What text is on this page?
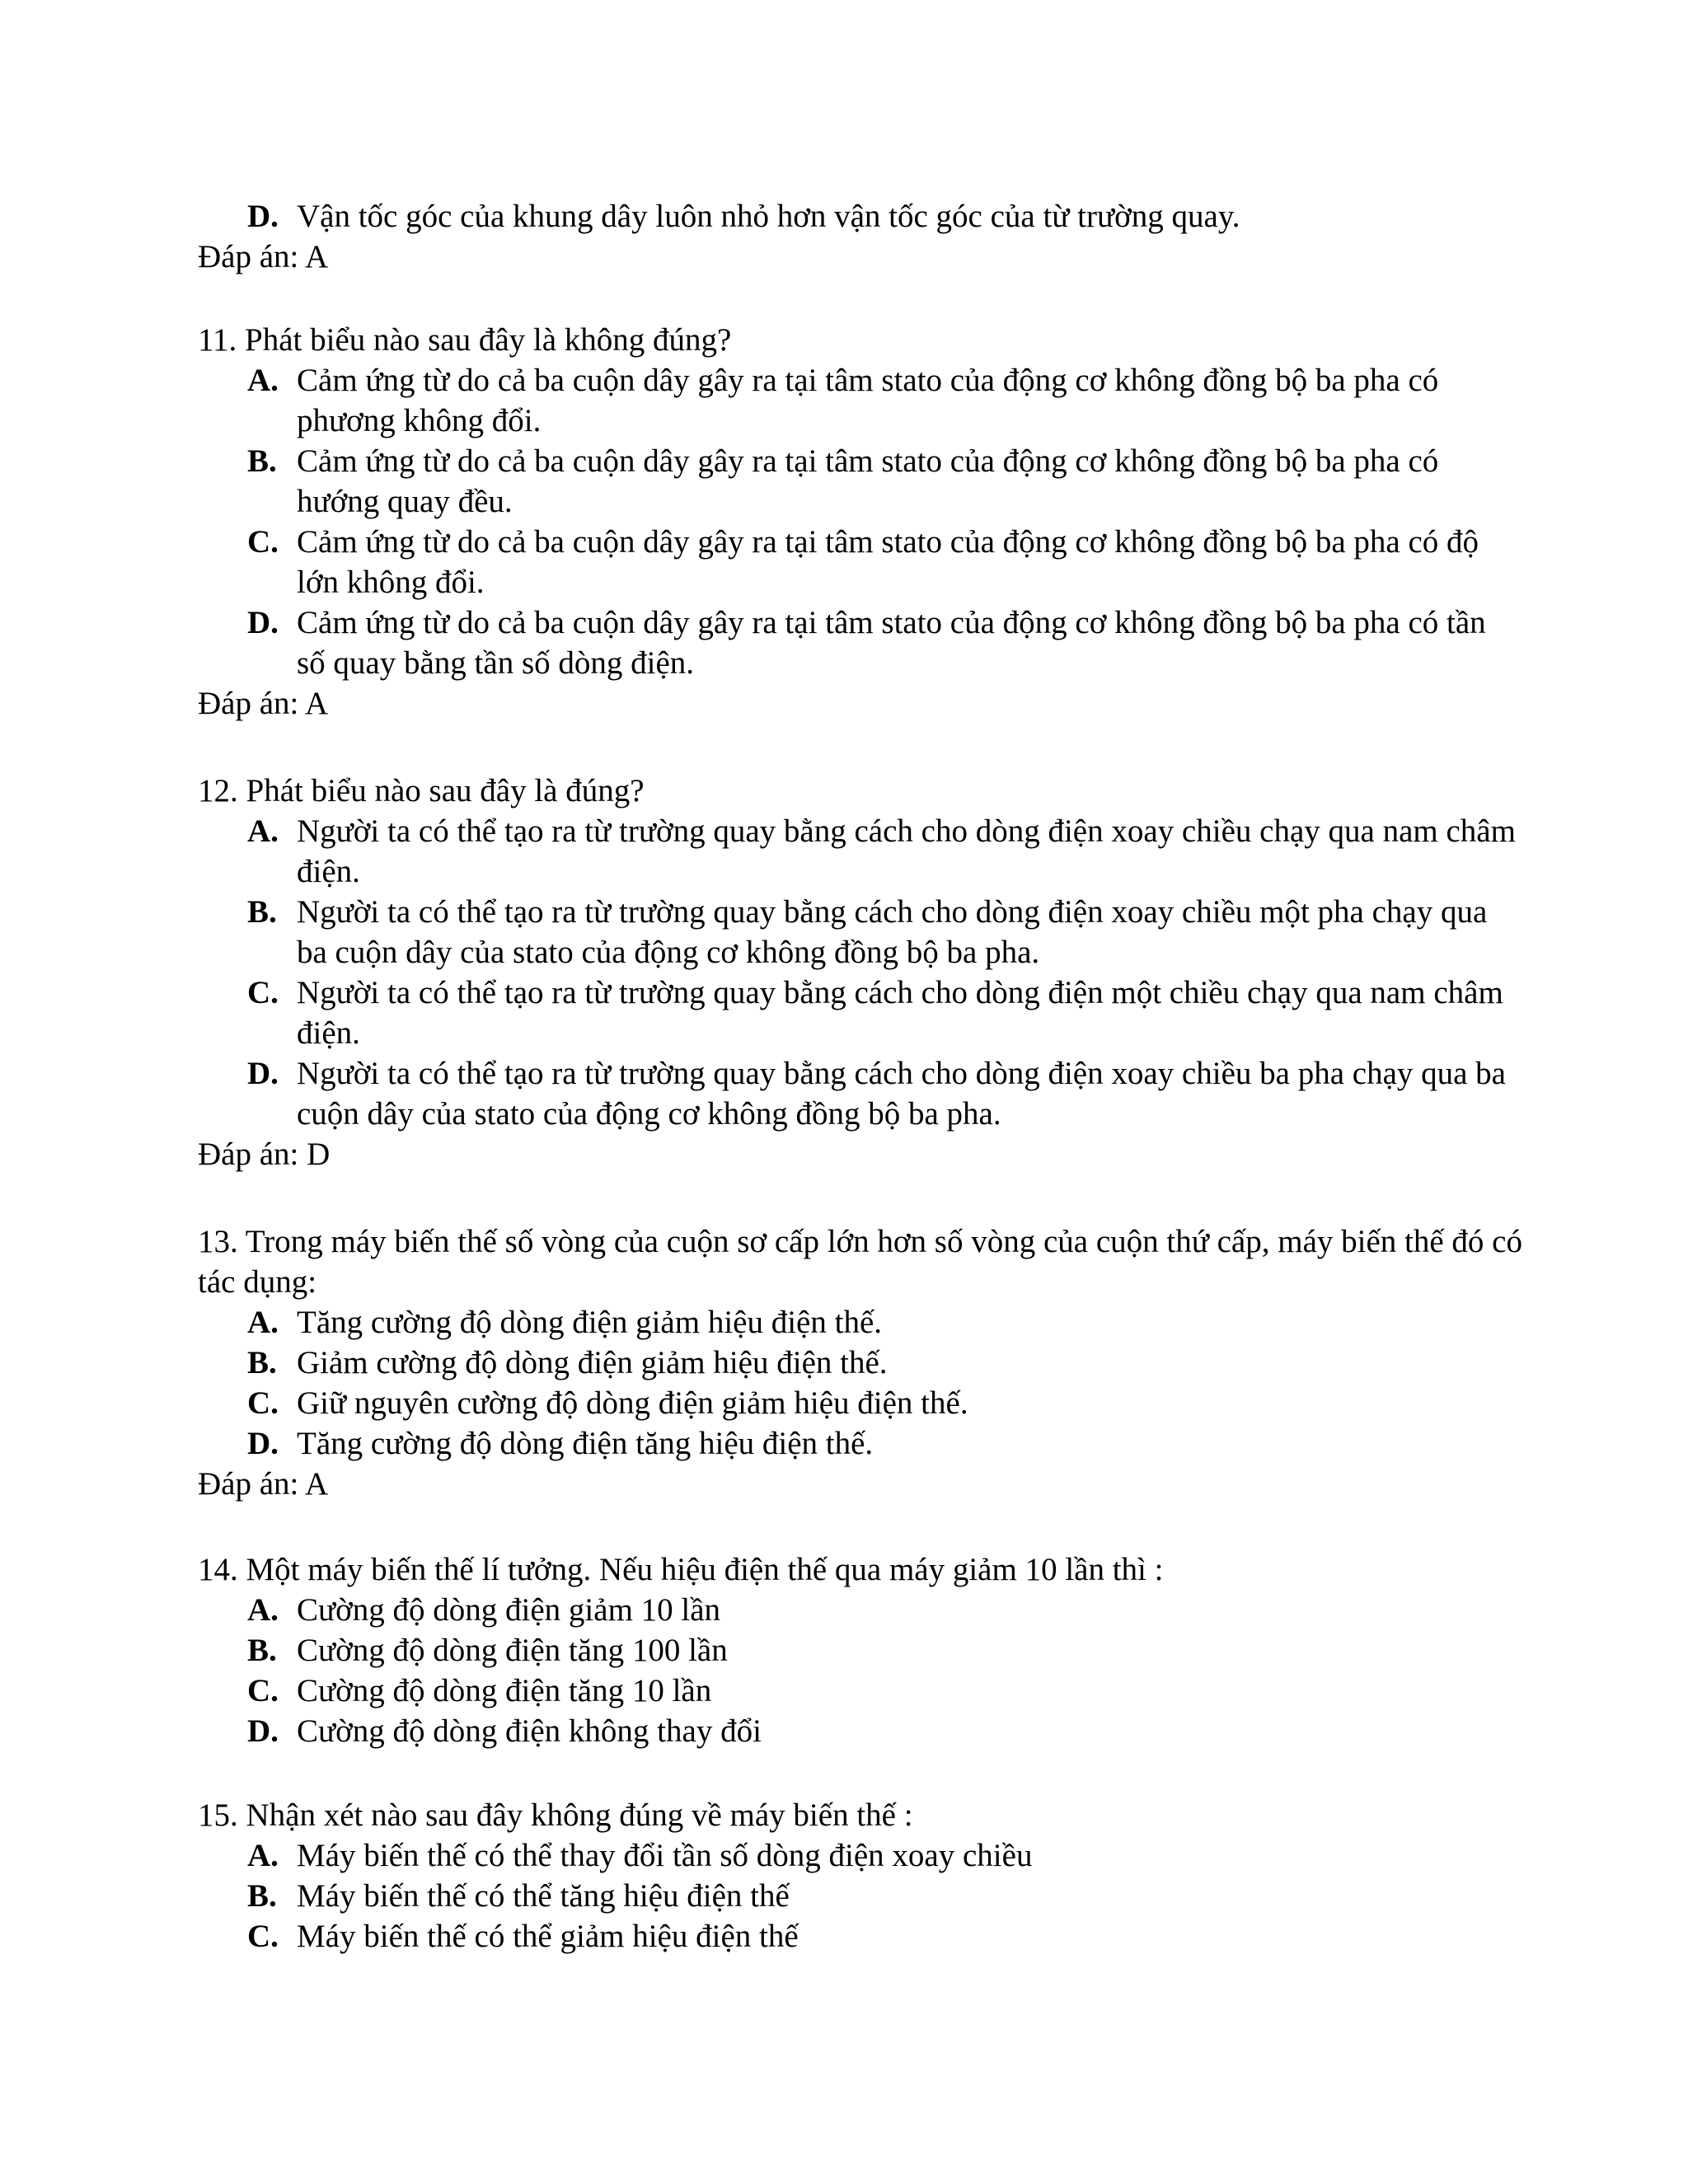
D. Vận tốc góc của khung dây luôn nhỏ hơn vận tốc góc của từ trường quay.
Đáp án: A
11. Phát biểu nào sau đây là không đúng?
A. Cảm ứng từ do cả ba cuộn dây gây ra tại tâm stato của động cơ không đồng bộ ba pha có phương không đổi.
B. Cảm ứng từ do cả ba cuộn dây gây ra tại tâm stato của động cơ không đồng bộ ba pha có hướng quay đều.
C. Cảm ứng từ do cả ba cuộn dây gây ra tại tâm stato của động cơ không đồng bộ ba pha có độ lớn không đổi.
D. Cảm ứng từ do cả ba cuộn dây gây ra tại tâm stato của động cơ không đồng bộ ba pha có tần số quay bằng tần số dòng điện.
Đáp án: A
12. Phát biểu nào sau đây là đúng?
A. Người ta có thể tạo ra từ trường quay bằng cách cho dòng điện xoay chiều chạy qua nam châm điện.
B. Người ta có thể tạo ra từ trường quay bằng cách cho dòng điện xoay chiều một pha chạy qua ba cuộn dây của stato của động cơ không đồng bộ ba pha.
C. Người ta có thể tạo ra từ trường quay bằng cách cho dòng điện một chiều chạy qua nam châm điện.
D. Người ta có thể tạo ra từ trường quay bằng cách cho dòng điện xoay chiều ba pha chạy qua ba cuộn dây của stato của động cơ không đồng bộ ba pha.
Đáp án: D
13. Trong máy biến thế số vòng của cuộn sơ cấp lớn hơn số vòng của cuộn thứ cấp, máy biến thế đó có tác dụng:
A. Tăng cường độ dòng điện giảm hiệu điện thế.
B. Giảm cường độ dòng điện giảm hiệu điện thế.
C. Giữ nguyên cường độ dòng điện giảm hiệu điện thế.
D. Tăng cường độ dòng điện tăng hiệu điện thế.
Đáp án: A
14. Một máy biến thế lí tưởng. Nếu hiệu điện thế qua máy giảm 10 lần thì :
A. Cường độ dòng điện giảm 10 lần
B. Cường độ dòng điện tăng 100 lần
C. Cường độ dòng điện tăng 10 lần
D. Cường độ dòng điện không thay đổi
15. Nhận xét nào sau đây không đúng về máy biến thế :
A. Máy biến thế có thể thay đổi tần số dòng điện xoay chiều
B. Máy biến thế có thể tăng hiệu điện thế
C. Máy biến thế có thể giảm hiệu điện thế
